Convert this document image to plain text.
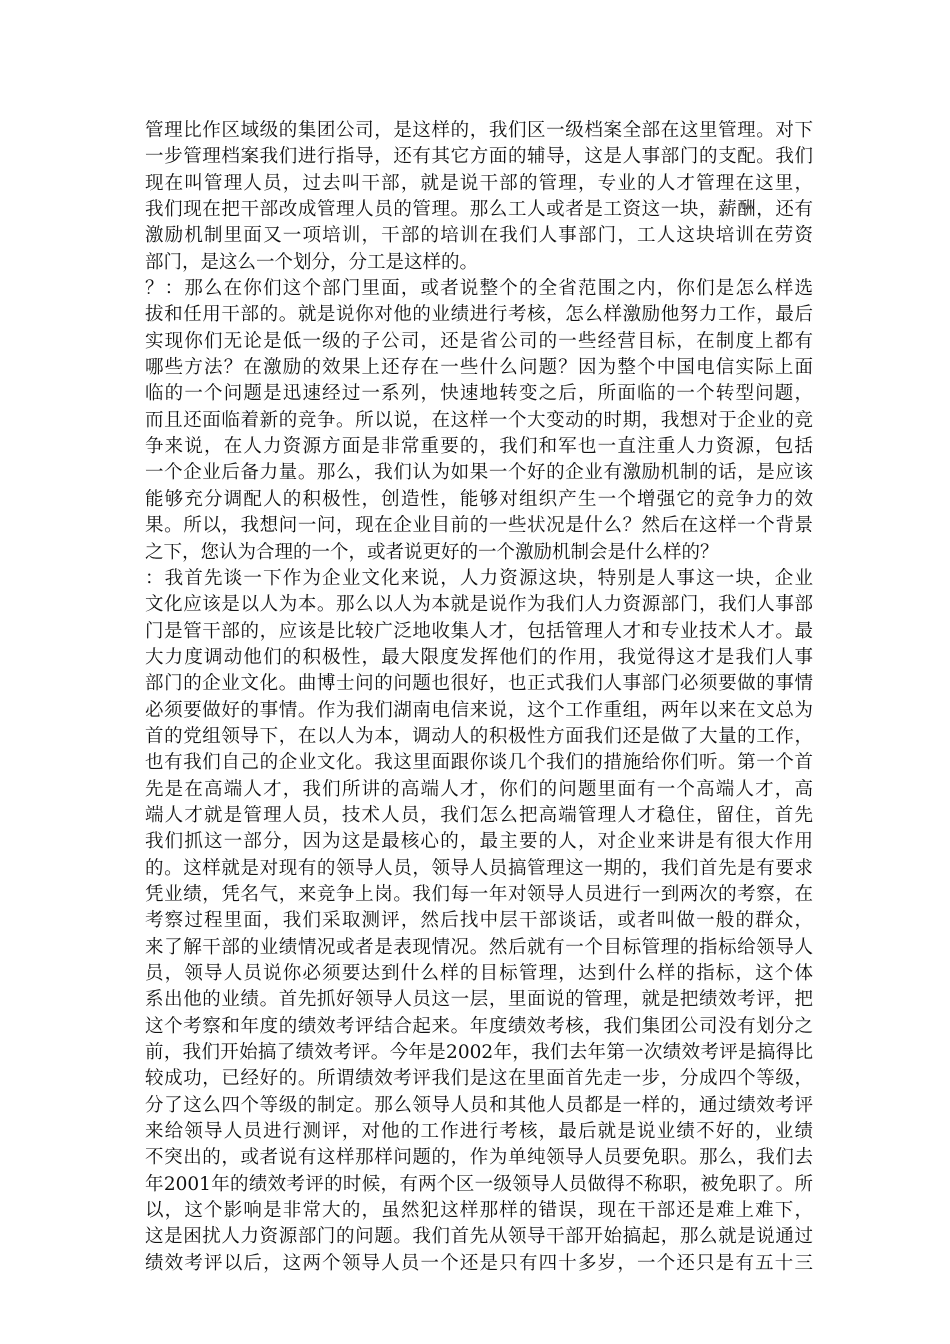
管理比作区域级的集团公司，是这样的，我们区一级档案全部在这里管理。对下
一步管理档案我们进行指导，还有其它方面的辅导，这是人事部门的支配。我们
现在叫管理人员，过去叫干部，就是说干部的管理，专业的人才管理在这里，
我们现在把干部改成管理人员的管理。那么工人或者是工资这一块，薪酬，还有
激励机制里面又一项培训，干部的培训在我们人事部门，工人这块培训在劳资
部门，是这么一个划分，分工是这样的。
？：那么在你们这个部门里面，或者说整个的全省范围之内，你们是怎么样选
拔和任用干部的。就是说你对他的业绩进行考核，怎么样激励他努力工作，最后
实现你们无论是低一级的子公司，还是省公司的一些经营目标，在制度上都有
哪些方法？在激励的效果上还存在一些什么问题？因为整个中国电信实际上面
临的一个问题是迅速经过一系列，快速地转变之后，所面临的一个转型问题，
而且还面临着新的竞争。所以说，在这样一个大变动的时期，我想对于企业的竞
争来说，在人力资源方面是非常重要的，我们和军也一直注重人力资源，包括
一个企业后备力量。那么，我们认为如果一个好的企业有激励机制的话，是应该
能够充分调配人的积极性，创造性，能够对组织产生一个增强它的竞争力的效
果。所以，我想问一问，现在企业目前的一些状况是什么？然后在这样一个背景
之下，您认为合理的一个，或者说更好的一个激励机制会是什么样的？
：我首先谈一下作为企业文化来说，人力资源这块，特别是人事这一块，企业
文化应该是以人为本。那么以人为本就是说作为我们人力资源部门，我们人事部
门是管干部的，应该是比较广泛地收集人才，包括管理人才和专业技术人才。最
大力度调动他们的积极性，最大限度发挥他们的作用，我觉得这才是我们人事
部门的企业文化。曲博士问的问题也很好，也正式我们人事部门必须要做的事情
必须要做好的事情。作为我们湖南电信来说，这个工作重组，两年以来在文总为
首的党组领导下，在以人为本，调动人的积极性方面我们还是做了大量的工作，
也有我们自己的企业文化。我这里面跟你谈几个我们的措施给你们听。第一个首
先是在高端人才，我们所讲的高端人才，你们的问题里面有一个高端人才，高
端人才就是管理人员，技术人员，我们怎么把高端管理人才稳住，留住，首先
我们抓这一部分，因为这是最核心的，最主要的人，对企业来讲是有很大作用
的。这样就是对现有的领导人员，领导人员搞管理这一期的，我们首先是有要求
凭业绩，凭名气，来竞争上岗。我们每一年对领导人员进行一到两次的考察，在
考察过程里面，我们采取测评，然后找中层干部谈话，或者叫做一般的群众，
来了解干部的业绩情况或者是表现情况。然后就有一个目标管理的指标给领导人
员，领导人员说你必须要达到什么样的目标管理，达到什么样的指标，这个体
系出他的业绩。首先抓好领导人员这一层，里面说的管理，就是把绩效考评，把
这个考察和年度的绩效考评结合起来。年度绩效考核，我们集团公司没有划分之
前，我们开始搞了绩效考评。今年是2002年，我们去年第一次绩效考评是搞得比
较成功，已经好的。所谓绩效考评我们是这在里面首先走一步，分成四个等级，
分了这么四个等级的制定。那么领导人员和其他人员都是一样的，通过绩效考评
来给领导人员进行测评，对他的工作进行考核，最后就是说业绩不好的，业绩
不突出的，或者说有这样那样问题的，作为单纯领导人员要免职。那么，我们去
年2001年的绩效考评的时候，有两个区一级领导人员做得不称职，被免职了。所
以，这个影响是非常大的，虽然犯这样那样的错误，现在干部还是难上难下，
这是困扰人力资源部门的问题。我们首先从领导干部开始搞起，那么就是说通过
绩效考评以后，这两个领导人员一个还是只有四十多岁，一个还只是有五十三
